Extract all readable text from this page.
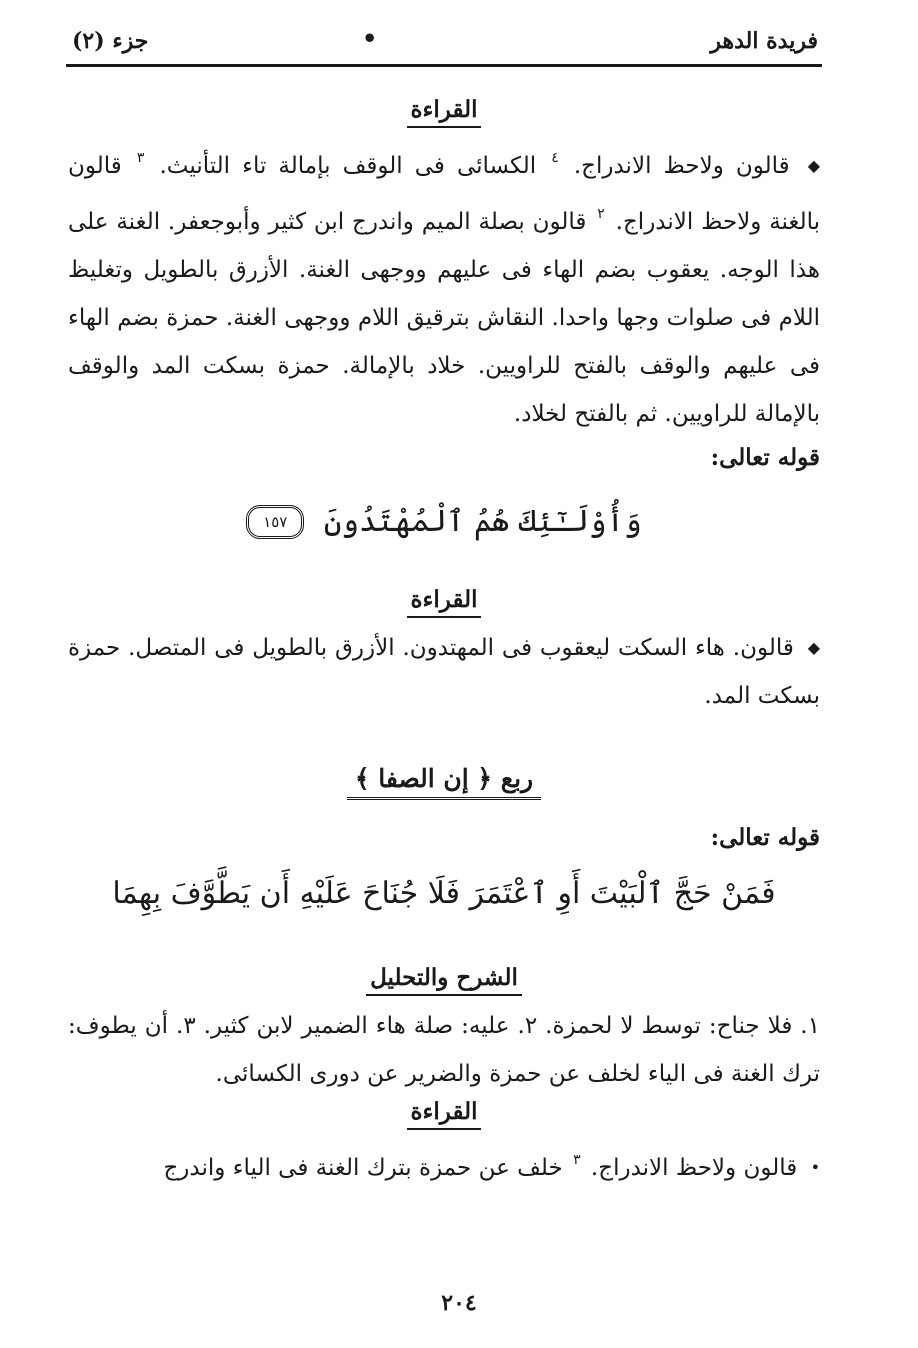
فريدة الدهر
•
جزء (٢)
القراءة
◆ قالون ولاحظ الاندراج. $^٤$ الكسائى فى الوقف بإمالة تاء التأنيث. $^٣$ قالون بالغنة ولاحظ الاندراج. $^٢$ قالون بصلة الميم واندرج ابن كثير وأبوجعفر. الغنة على هذا الوجه. يعقوب بضم الهاء فى عليهم ووجهى الغنة. الأزرق بالطويل وتغليظ اللام فى صلوات وجها واحدا. النقاش بترقيق اللام ووجهى الغنة. حمزة بضم الهاء فى عليهم والوقف بالفتح للراويين. خلاد بالإمالة. حمزة بسكت المد والوقف بالإمالة للراويين. ثم بالفتح لخلاد.
قوله تعالى:
وَأُوْلَـٰٓئِكَ هُمُ ٱلْمُهْتَدُونَ ١٥٧
القراءة
◆ قالون. هاء السكت ليعقوب فى المهتدون. الأزرق بالطويل فى المتصل. حمزة بسكت المد.
ربع ﴿ إن الصفا ﴾
قوله تعالى:
فَمَنْ حَجَّ ٱلْبَيْتَ أَوِ ٱعْتَمَرَ فَلَا جُنَاحَ عَلَيْهِ أَن يَطَّوَّفَ بِهِمَا
الشرح والتحليل
١. فلا جناح: توسط لا لحمزة. ٢. عليه: صلة هاء الضمير لابن كثير. ٣. أن يطوف: ترك الغنة فى الياء لخلف عن حمزة والضرير عن دورى الكسائى.
القراءة
• قالون ولاحظ الاندراج. $^٣$ خلف عن حمزة بترك الغنة فى الياء واندرج
٢٠٤
